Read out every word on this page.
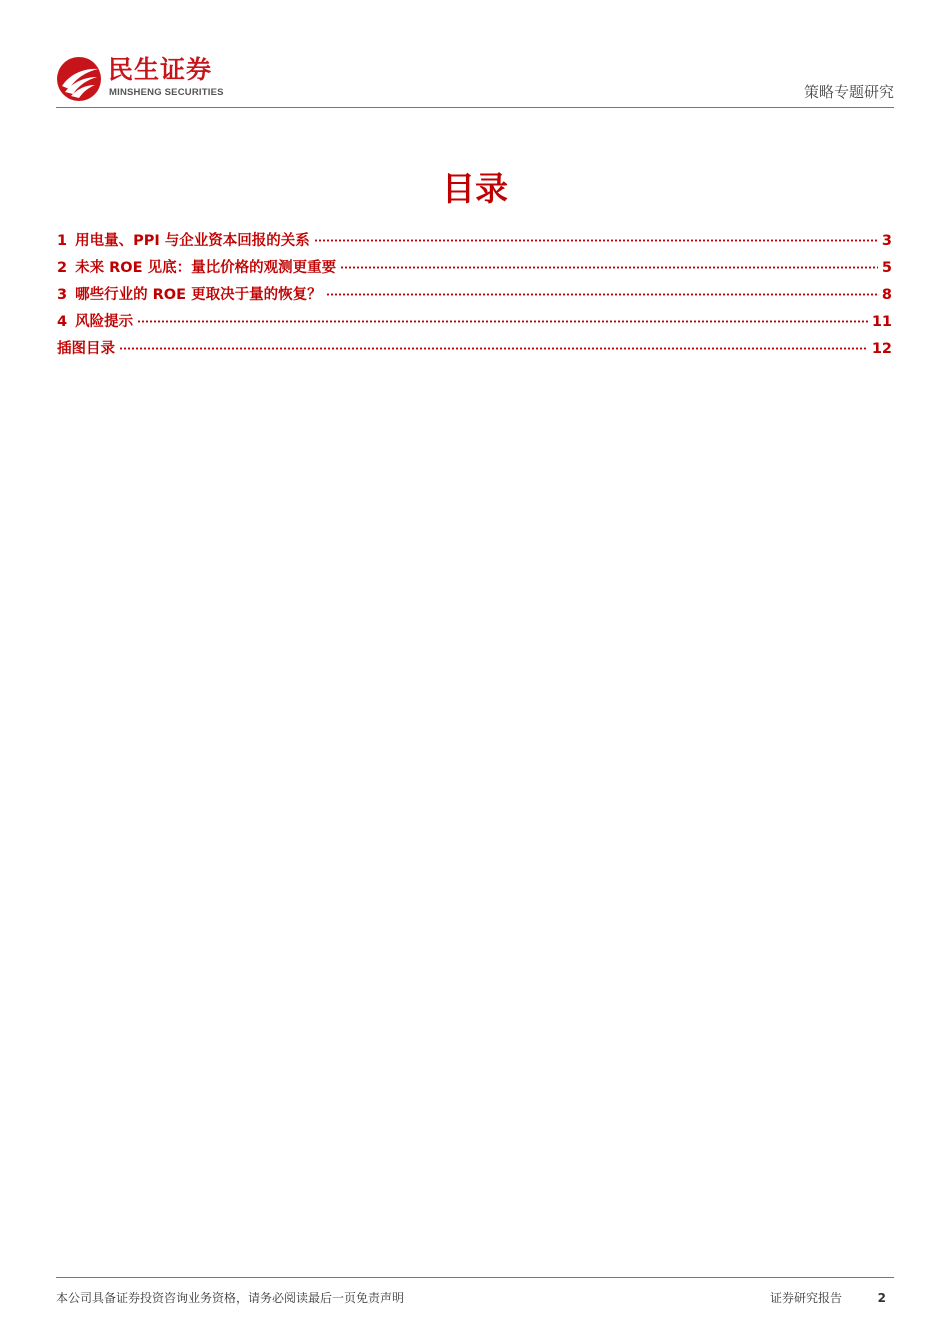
民生证券
MINSHENG SECURITIES	策略专题研究
目录
1 用电量、PPI 与企业资本回报的关系	3
2 未来 ROE 见底：量比价格的观测更重要	5
3 哪些行业的 ROE 更取决于量的恢复？	8
4 风险提示	11
插图目录	12
本公司具备证券投资咨询业务资格，请务必阅读最后一页免责声明	证券研究报告	2
